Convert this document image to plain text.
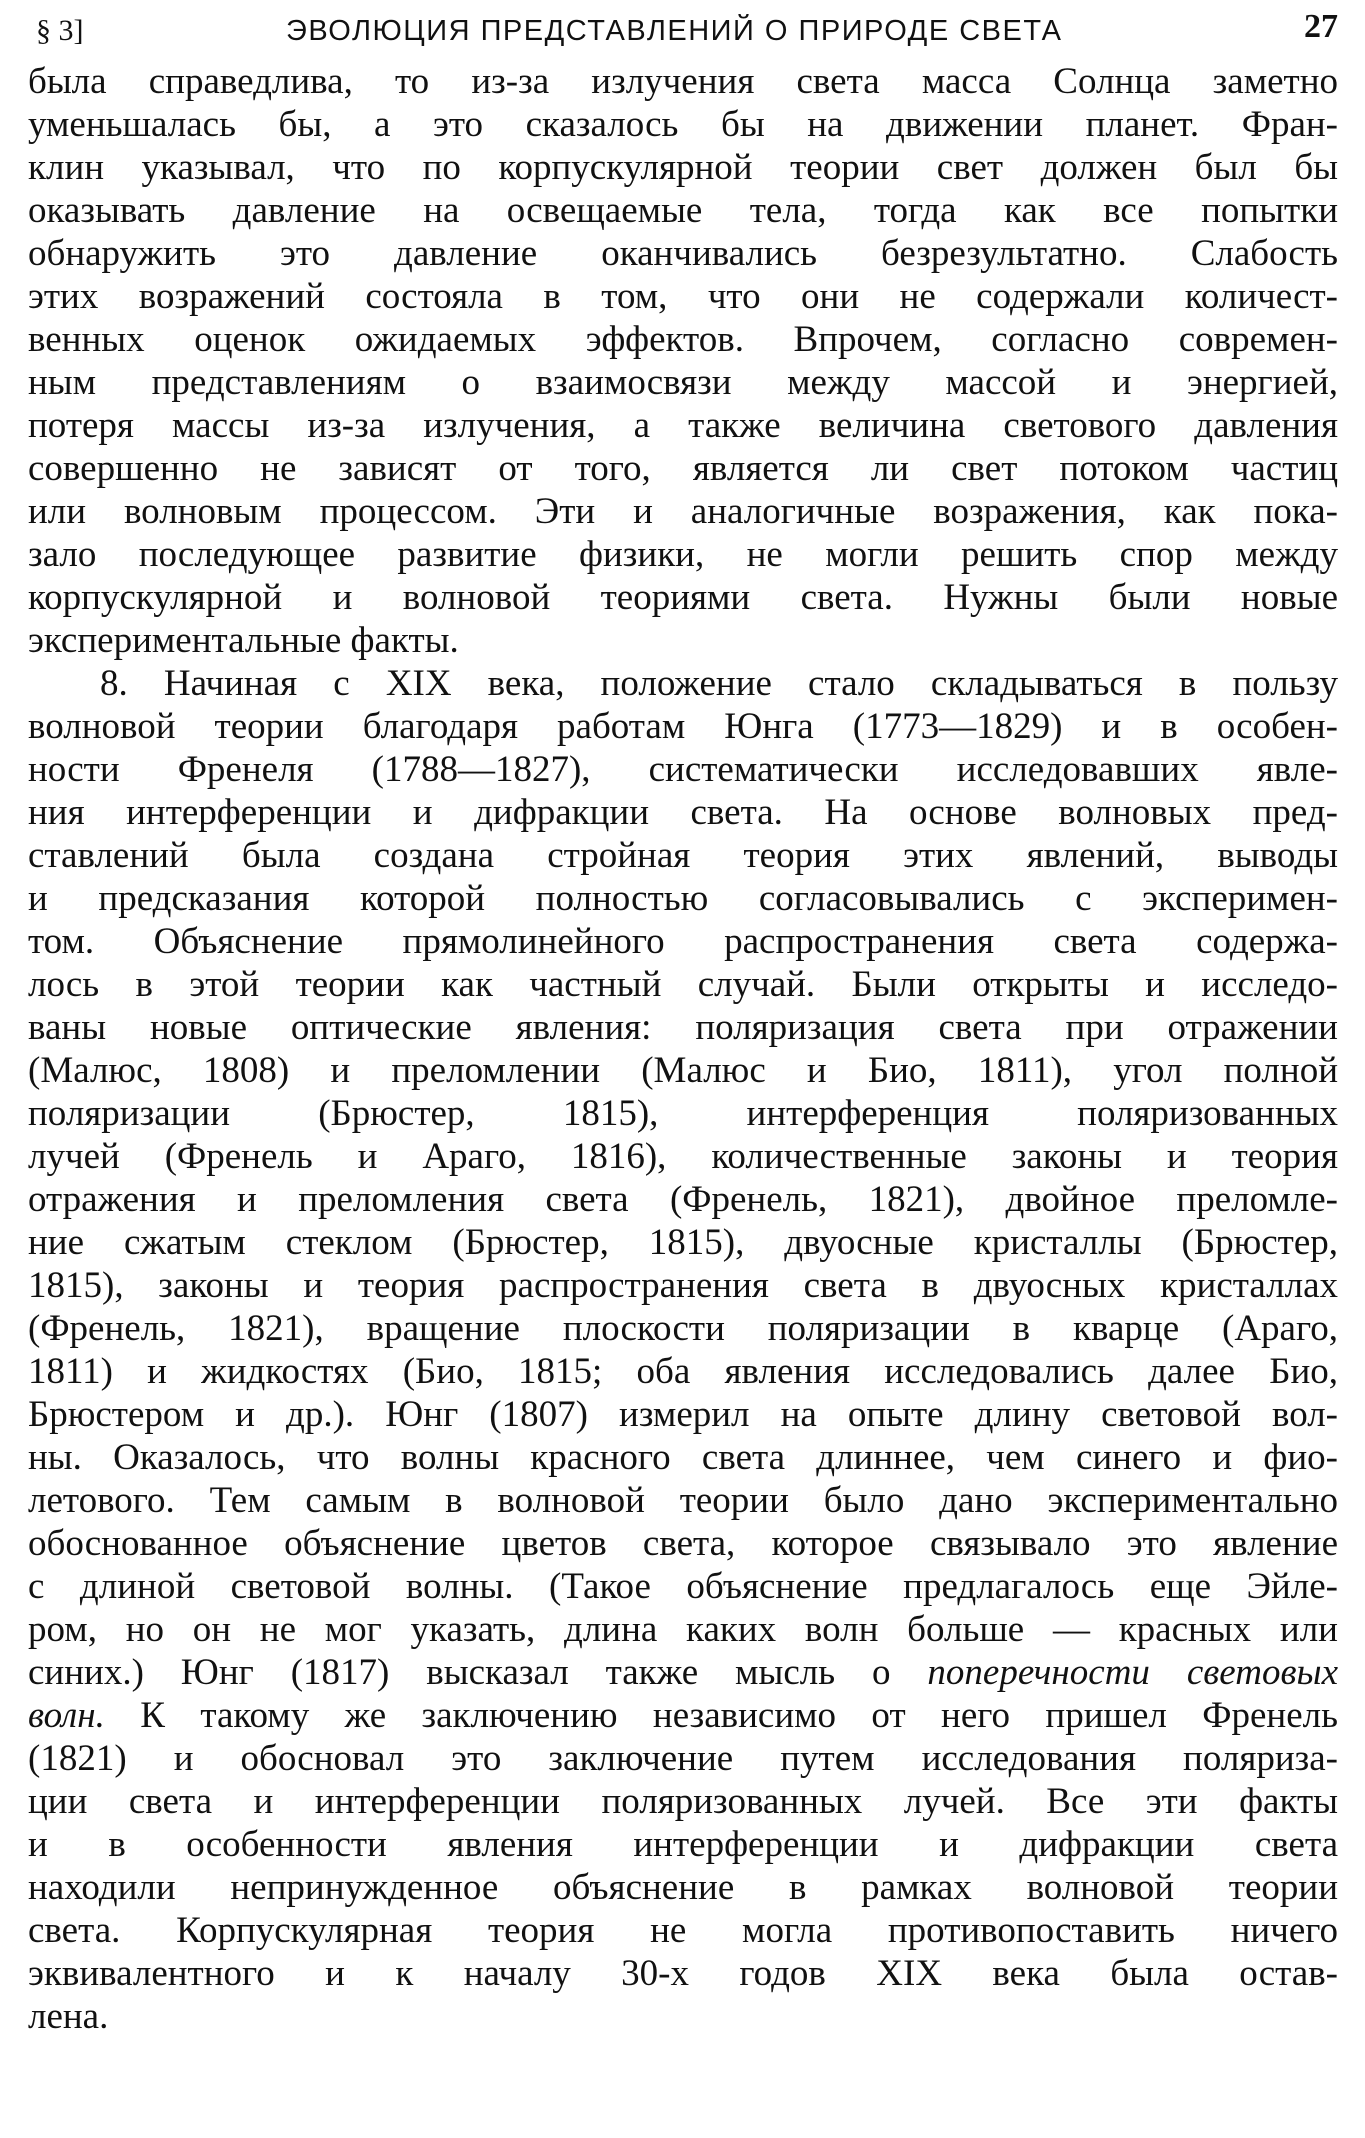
§ 3]	ЭВОЛЮЦИЯ ПРЕДСТАВЛЕНИЙ О ПРИРОДЕ СВЕТА	27
была справедлива, то из-за излучения света масса Солнца заметно
уменьшалась бы, а это сказалось бы на движении планет. Фран-
клин указывал, что по корпускулярной теории свет должен был бы
оказывать давление на освещаемые тела, тогда как все попытки
обнаружить это давление оканчивались безрезультатно. Слабость
этих возражений состояла в том, что они не содержали количест-
венных оценок ожидаемых эффектов. Впрочем, согласно современ-
ным представлениям о взаимосвязи между массой и энергией,
потеря массы из-за излучения, а также величина светового давления
совершенно не зависят от того, является ли свет потоком частиц
или волновым процессом. Эти и аналогичные возражения, как пока-
зало последующее развитие физики, не могли решить спор между
корпускулярной и волновой теориями света. Нужны были новые
экспериментальные факты.
8. Начиная с XIX века, положение стало складываться в пользу
волновой теории благодаря работам Юнга (1773—1829) и в особен-
ности Френеля (1788—1827), систематически исследовавших явле-
ния интерференции и дифракции света. На основе волновых пред-
ставлений была создана стройная теория этих явлений, выводы
и предсказания которой полностью согласовывались с эксперимен-
том. Объяснение прямолинейного распространения света содержа-
лось в этой теории как частный случай. Были открыты и исследо-
ваны новые оптические явления: поляризация света при отражении
(Малюс, 1808) и преломлении (Малюс и Био, 1811), угол полной
поляризации (Брюстер, 1815), интерференция поляризованных
лучей (Френель и Араго, 1816), количественные законы и теория
отражения и преломления света (Френель, 1821), двойное преломле-
ние сжатым стеклом (Брюстер, 1815), двуосные кристаллы (Брюстер,
1815), законы и теория распространения света в двуосных кристаллах
(Френель, 1821), вращение плоскости поляризации в кварце (Араго,
1811) и жидкостях (Био, 1815; оба явления исследовались далее Био,
Брюстером и др.). Юнг (1807) измерил на опыте длину световой вол-
ны. Оказалось, что волны красного света длиннее, чем синего и фио-
летового. Тем самым в волновой теории было дано экспериментально
обоснованное объяснение цветов света, которое связывало это явление
с длиной световой волны. (Такое объяснение предлагалось еще Эйле-
ром, но он не мог указать, длина каких волн больше — красных или
синих.) Юнг (1817) высказал также мысль о поперечности световых
волн. К такому же заключению независимо от него пришел Френель
(1821) и обосновал это заключение путем исследования поляриза-
ции света и интерференции поляризованных лучей. Все эти факты
и в особенности явления интерференции и дифракции света
находили непринужденное объяснение в рамках волновой теории
света. Корпускулярная теория не могла противопоставить ничего
эквивалентного и к началу 30-х годов XIX века была остав-
лена.
